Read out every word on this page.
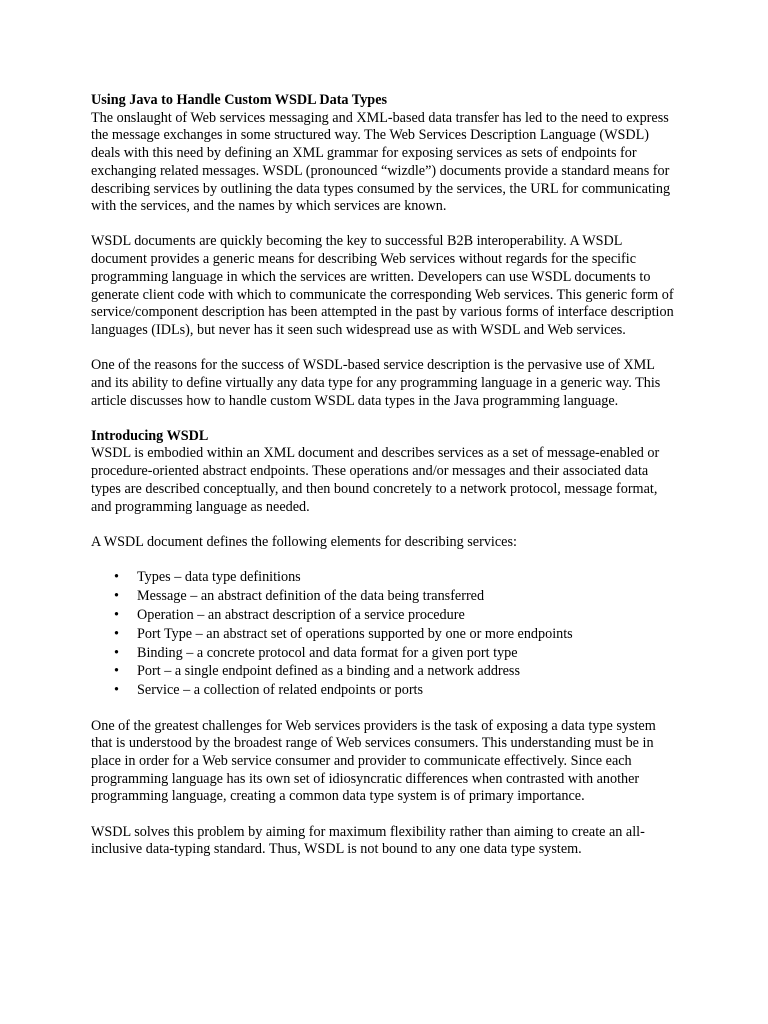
Using Java to Handle Custom WSDL Data Types

The onslaught of Web services messaging and XML-based data transfer has led to the need to express the message exchanges in some structured way. The Web Services Description Language (WSDL) deals with this need by defining an XML grammar for exposing services as sets of endpoints for exchanging related messages. WSDL (pronounced “wizdle”) documents provide a standard means for describing services by outlining the data types consumed by the services, the URL for communicating with the services, and the names by which services are known.

WSDL documents are quickly becoming the key to successful B2B interoperability. A WSDL document provides a generic means for describing Web services without regards for the specific programming language in which the services are written. Developers can use WSDL documents to generate client code with which to communicate the corresponding Web services. This generic form of service/component description has been attempted in the past by various forms of interface description languages (IDLs), but never has it seen such widespread use as with WSDL and Web services.

One of the reasons for the success of WSDL-based service description is the pervasive use of XML and its ability to define virtually any data type for any programming language in a generic way. This article discusses how to handle custom WSDL data types in the Java programming language.

Introducing WSDL

WSDL is embodied within an XML document and describes services as a set of message-enabled or procedure-oriented abstract endpoints. These operations and/or messages and their associated data types are described conceptually, and then bound concretely to a network protocol, message format, and programming language as needed.

A WSDL document defines the following elements for describing services:

• Types – data type definitions
• Message – an abstract definition of the data being transferred
• Operation – an abstract description of a service procedure
• Port Type – an abstract set of operations supported by one or more endpoints
• Binding – a concrete protocol and data format for a given port type
• Port – a single endpoint defined as a binding and a network address
• Service – a collection of related endpoints or ports

One of the greatest challenges for Web services providers is the task of exposing a data type system that is understood by the broadest range of Web services consumers. This understanding must be in place in order for a Web service consumer and provider to communicate effectively. Since each programming language has its own set of idiosyncratic differences when contrasted with another programming language, creating a common data type system is of primary importance.

WSDL solves this problem by aiming for maximum flexibility rather than aiming to create an all-inclusive data-typing standard. Thus, WSDL is not bound to any one data type system.
